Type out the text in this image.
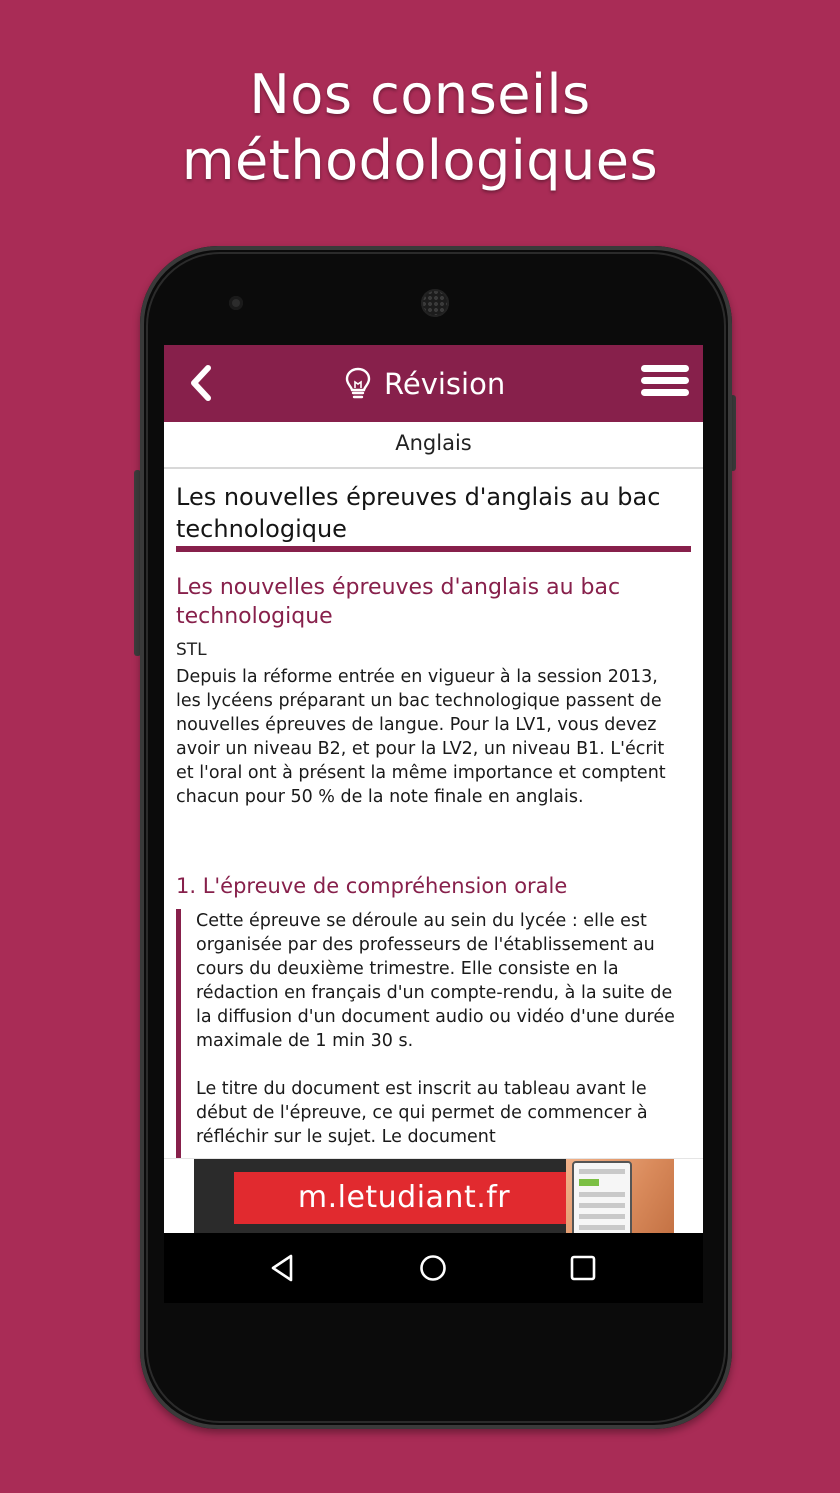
Nos conseils
méthodologiques
Révision
Anglais
Les nouvelles épreuves d'anglais au bac technologique
Les nouvelles épreuves d'anglais au bac technologique
STL
Depuis la réforme entrée en vigueur à la session 2013, les lycéens préparant un bac technologique passent de nouvelles épreuves de langue. Pour la LV1, vous devez avoir un niveau B2, et pour la LV2, un niveau B1. L'écrit et l'oral ont à présent la même importance et comptent chacun pour 50 % de la note finale en anglais.
1. L'épreuve de compréhension orale

Cette épreuve se déroule au sein du lycée : elle est organisée par des professeurs de l'établissement au cours du deuxième trimestre. Elle consiste en la rédaction en français d'un compte-rendu, à la suite de la diffusion d'un document audio ou vidéo d'une durée maximale de 1 min 30 s.

Le titre du document est inscrit au tableau avant le début de l'épreuve, ce qui permet de commencer à réfléchir sur le sujet. Le document

m.letudiant.fr
